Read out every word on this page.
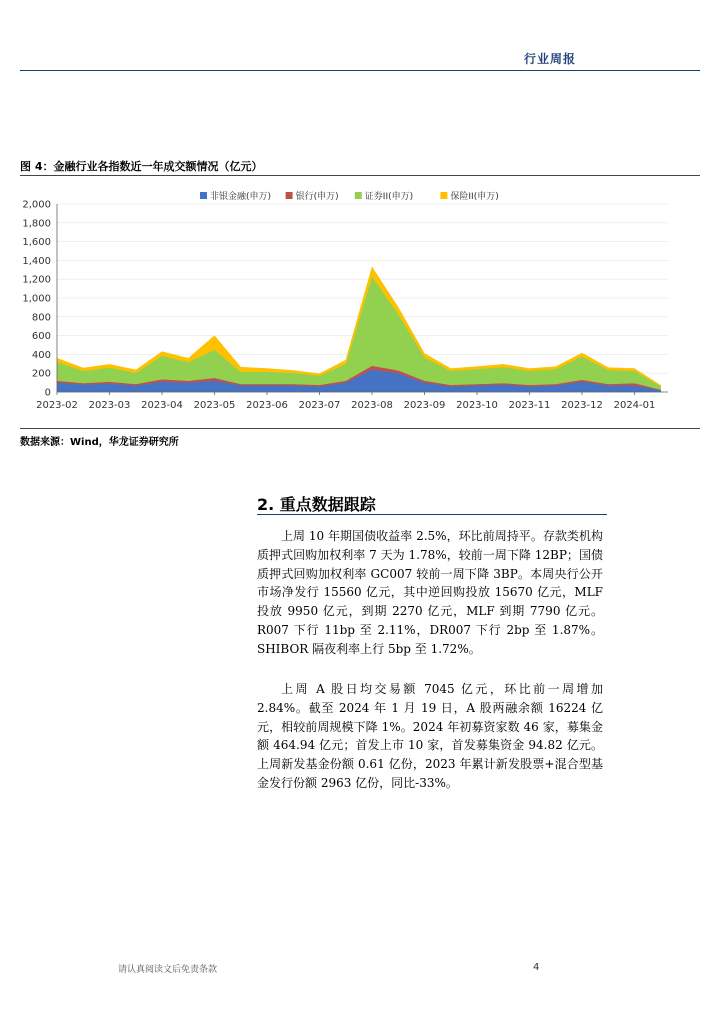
行业周报
图 4：金融行业各指数近一年成交额情况（亿元）
非银金融(申万)	银行(申万)	证券II(申万)	保险II(申万)
0
200
400
600
800
1,000
1,200
1,400
1,600
1,800
2,000
2023-02 2023-03 2023-04 2023-05 2023-06 2023-07 2023-08 2023-09 2023-10 2023-11 2023-12 2024-01
数据来源：Wind，华龙证券研究所
2. 重点数据跟踪

上周 10 年期国债收益率 2.5%，环比前周持平。存款类机构质押式回购加权利率 7 天为 1.78%，较前一周下降 12BP；国债质押式回购加权利率 GC007 较前一周下降 3BP。本周央行公开市场净发行 15560 亿元，其中逆回购投放 15670 亿元，MLF 投放 9950 亿元，到期 2270 亿元，MLF 到期 7790 亿元。R007 下行 11bp 至 2.11%，DR007 下行 2bp 至 1.87%。SHIBOR 隔夜利率上行 5bp 至 1.72%。

上周 A 股日均交易额 7045 亿元，环比前一周增加 2.84%。截至 2024 年 1 月 19 日，A 股两融余额 16224 亿元，相较前周规模下降 1%。2024 年初募资家数 46 家，募集金额 464.94 亿元；首发上市 10 家，首发募集资金 94.82 亿元。上周新发基金份额 0.61 亿份，2023 年累计新发股票+混合型基金发行份额 2963 亿份，同比-33%。

请认真阅读文后免责条款	4
